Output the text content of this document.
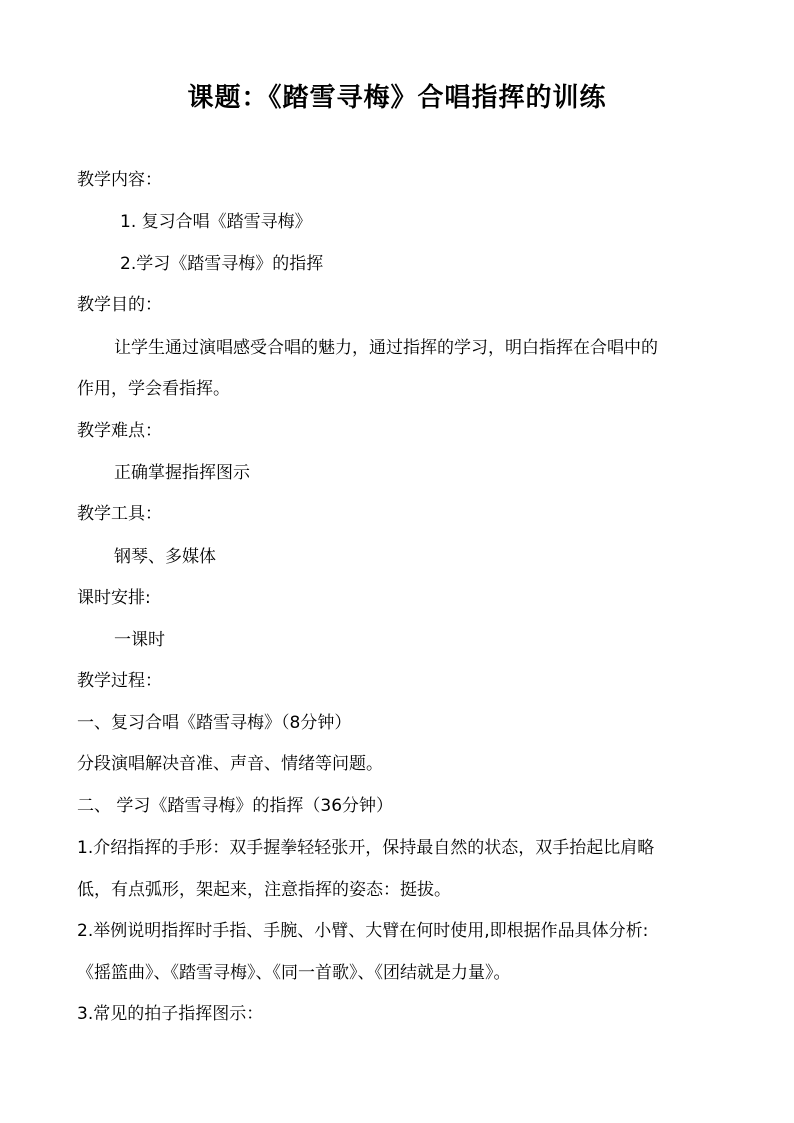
课题：《踏雪寻梅》合唱指挥的训练
教学内容：
1. 复习合唱《踏雪寻梅》
2.学习《踏雪寻梅》的指挥
教学目的：
让学生通过演唱感受合唱的魅力，通过指挥的学习，明白指挥在合唱中的
作用，学会看指挥。
教学难点：
正确掌握指挥图示
教学工具：
钢琴、多媒体
课时安排:
一课时
教学过程：
一、复习合唱《踏雪寻梅》（8分钟）
分段演唱解决音准、声音、情绪等问题。
二、 学习《踏雪寻梅》的指挥（36分钟）
1.介绍指挥的手形：双手握拳轻轻张开，保持最自然的状态，双手抬起比肩略
低，有点弧形，架起来，注意指挥的姿态：挺拔。
2.举例说明指挥时手指、手腕、小臂、大臂在何时使用,即根据作品具体分析:
《摇篮曲》、《踏雪寻梅》、《同一首歌》、《团结就是力量》。
3.常见的拍子指挥图示：
